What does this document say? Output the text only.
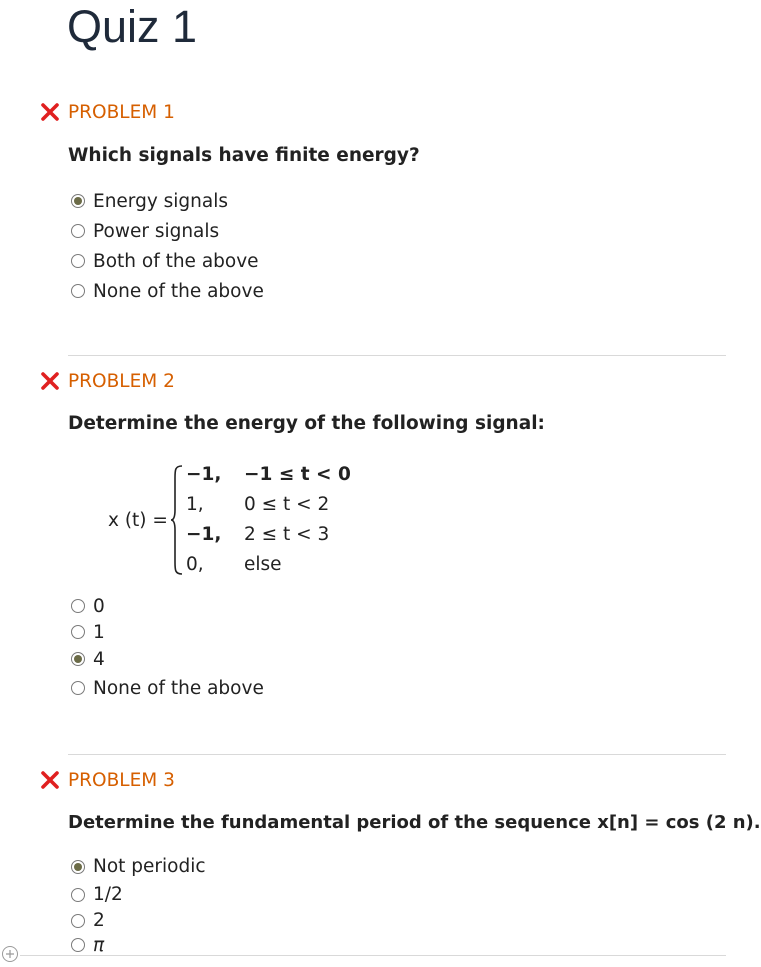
Quiz 1
PROBLEM 1
Which signals have finite energy?
Energy signals
Power signals
Both of the above
None of the above
PROBLEM 2
Determine the energy of the following signal:
x (t) =
−1, −1 ≤ t < 0
1, 0 ≤ t < 2
−1, 2 ≤ t < 3
0, else
0
1
4
None of the above
PROBLEM 3
Determine the fundamental period of the sequence x[n] = cos (2 n).
Not periodic
1/2
2
π
